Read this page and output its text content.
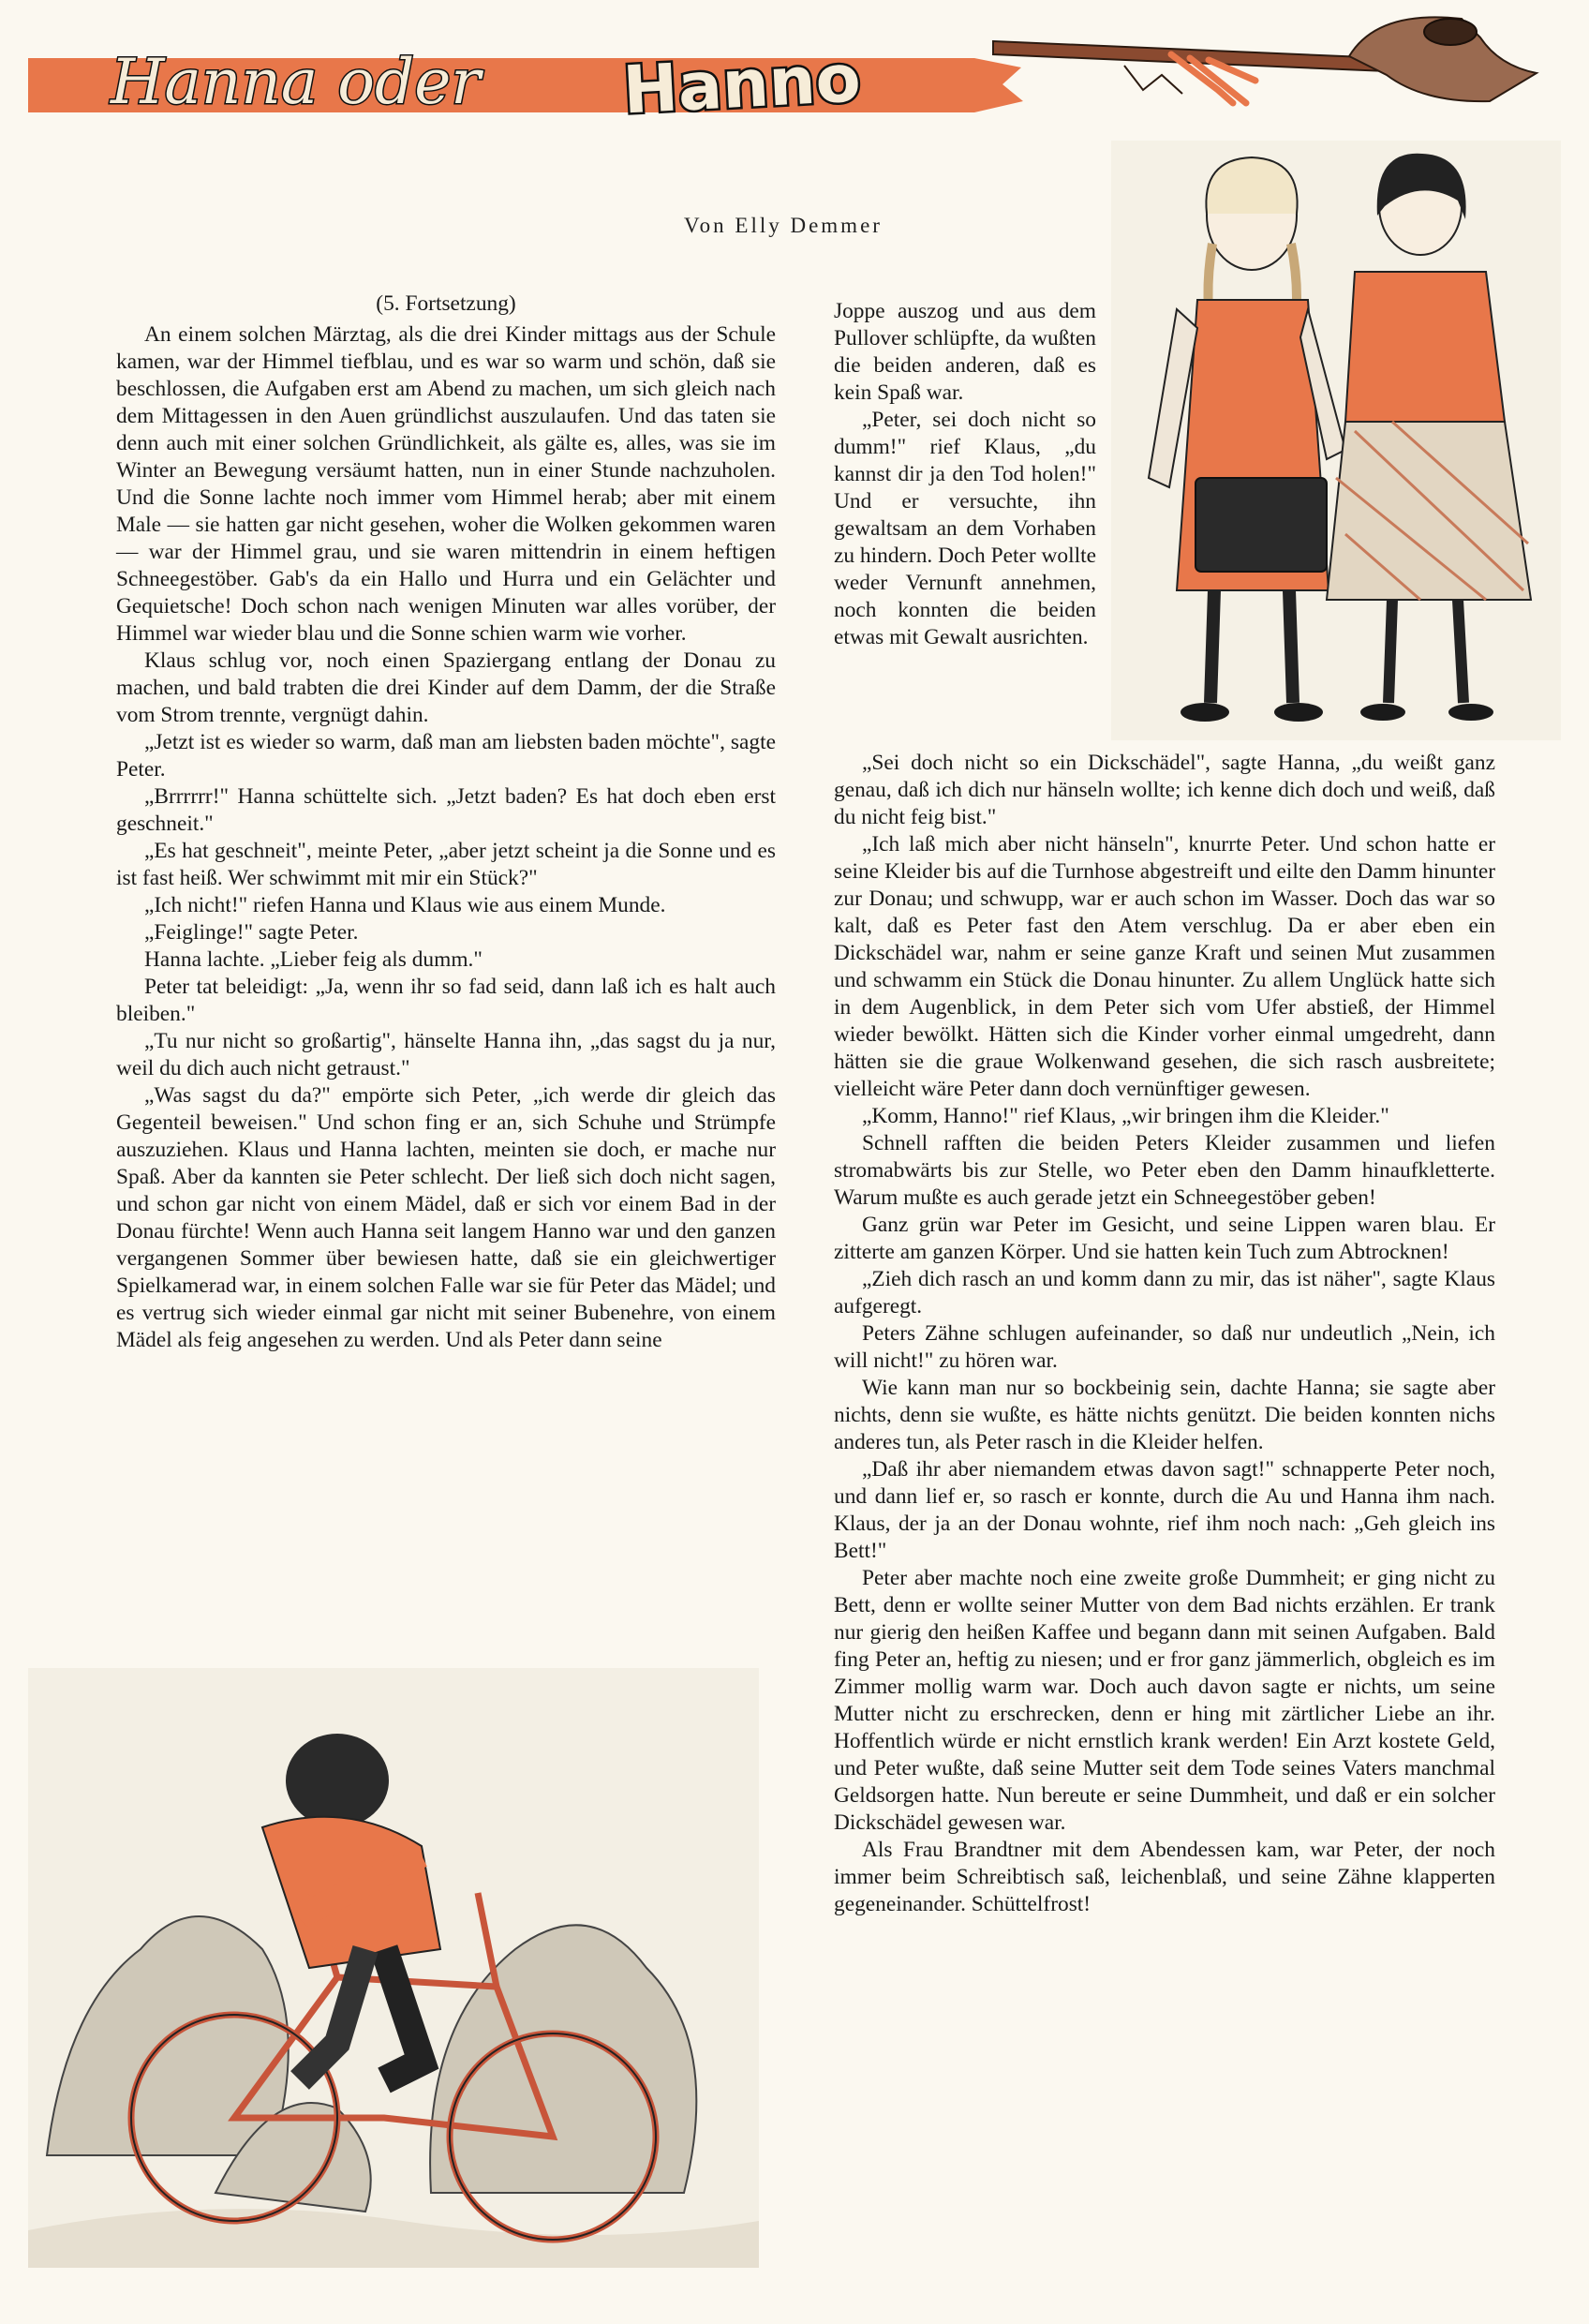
Hanna oder Hanno
Von Elly Demmer

(5. Fortsetzung)

An einem solchen Märztag, als die drei Kinder mittags aus der Schule kamen, war der Himmel tiefblau, und es war so warm und schön, daß sie beschlossen, die Aufgaben erst am Abend zu machen, um sich gleich nach dem Mittagessen in den Auen gründlichst auszulaufen. Und das taten sie denn auch mit einer solchen Gründlichkeit, als gälte es, alles, was sie im Winter an Bewegung versäumt hatten, nun in einer Stunde nachzuholen. Und die Sonne lachte noch immer vom Himmel herab; aber mit einem Male — sie hatten gar nicht gesehen, woher die Wolken gekommen waren — war der Himmel grau, und sie waren mittendrin in einem heftigen Schneegestöber. Gab's da ein Hallo und Hurra und ein Gelächter und Gequietsche! Doch schon nach wenigen Minuten war alles vorüber, der Himmel war wieder blau und die Sonne schien warm wie vorher.

Klaus schlug vor, noch einen Spaziergang entlang der Donau zu machen, und bald trabten die drei Kinder auf dem Damm, der die Straße vom Strom trennte, vergnügt dahin.

„Jetzt ist es wieder so warm, daß man am liebsten baden möchte", sagte Peter.

„Brrrrrr!" Hanna schüttelte sich. „Jetzt baden? Es hat doch eben erst geschneit."

„Es hat geschneit", meinte Peter, „aber jetzt scheint ja die Sonne und es ist fast heiß. Wer schwimmt mit mir ein Stück?"

„Ich nicht!" riefen Hanna und Klaus wie aus einem Munde.

„Feiglinge!" sagte Peter.

Hanna lachte. „Lieber feig als dumm."

Peter tat beleidigt: „Ja, wenn ihr so fad seid, dann laß ich es halt auch bleiben."

„Tu nur nicht so großartig", hänselte Hanna ihn, „das sagst du ja nur, weil du dich auch nicht getraust."

„Was sagst du da?" empörte sich Peter, „ich werde dir gleich das Gegenteil beweisen." Und schon fing er an, sich Schuhe und Strümpfe auszuziehen. Klaus und Hanna lachten, meinten sie doch, er mache nur Spaß. Aber da kannten sie Peter schlecht. Der ließ sich doch nicht sagen, und schon gar nicht von einem Mädel, daß er sich vor einem Bad in der Donau fürchte! Wenn auch Hanna seit langem Hanno war und den ganzen vergangenen Sommer über bewiesen hatte, daß sie ein gleichwertiger Spielkamerad war, in einem solchen Falle war sie für Peter das Mädel; und es vertrug sich wieder einmal gar nicht mit seiner Bubenehre, von einem Mädel als feig angesehen zu werden. Und als Peter dann seine

Joppe auszog und aus dem Pullover schlüpfte, da wußten die beiden anderen, daß es kein Spaß war.

„Peter, sei doch nicht so dumm!" rief Klaus, „du kannst dir ja den Tod holen!" Und er versuchte, ihn gewaltsam an dem Vorhaben zu hindern. Doch Peter wollte weder Vernunft annehmen, noch konnten die beiden etwas mit Gewalt ausrichten.

„Sei doch nicht so ein Dickschädel", sagte Hanna, „du weißt ganz genau, daß ich dich nur hänseln wollte; ich kenne dich doch und weiß, daß du nicht feig bist."

„Ich laß mich aber nicht hänseln", knurrte Peter. Und schon hatte er seine Kleider bis auf die Turnhose abgestreift und eilte den Damm hinunter zur Donau; und schwupp, war er auch schon im Wasser. Doch das war so kalt, daß es Peter fast den Atem verschlug. Da er aber eben ein Dickschädel war, nahm er seine ganze Kraft und seinen Mut zusammen und schwamm ein Stück die Donau hinunter. Zu allem Unglück hatte sich in dem Augenblick, in dem Peter sich vom Ufer abstieß, der Himmel wieder bewölkt. Hätten sich die Kinder vorher einmal umgedreht, dann hätten sie die graue Wolkenwand gesehen, die sich rasch ausbreitete; vielleicht wäre Peter dann doch vernünftiger gewesen.

„Komm, Hanno!" rief Klaus, „wir bringen ihm die Kleider."

Schnell rafften die beiden Peters Kleider zusammen und liefen stromabwärts bis zur Stelle, wo Peter eben den Damm hinaufkletterte. Warum mußte es auch gerade jetzt ein Schneegestöber geben!

Ganz grün war Peter im Gesicht, und seine Lippen waren blau. Er zitterte am ganzen Körper. Und sie hatten kein Tuch zum Abtrocknen!

„Zieh dich rasch an und komm dann zu mir, das ist näher", sagte Klaus aufgeregt.

Peters Zähne schlugen aufeinander, so daß nur undeutlich „Nein, ich will nicht!" zu hören war.

Wie kann man nur so bockbeinig sein, dachte Hanna; sie sagte aber nichts, denn sie wußte, es hätte nichts genützt. Die beiden konnten nichs anderes tun, als Peter rasch in die Kleider helfen.

„Daß ihr aber niemandem etwas davon sagt!" schnapperte Peter noch, und dann lief er, so rasch er konnte, durch die Au und Hanna ihm nach. Klaus, der ja an der Donau wohnte, rief ihm noch nach: „Geh gleich ins Bett!"

Peter aber machte noch eine zweite große Dummheit; er ging nicht zu Bett, denn er wollte seiner Mutter von dem Bad nichts erzählen. Er trank nur gierig den heißen Kaffee und begann dann mit seinen Aufgaben. Bald fing Peter an, heftig zu niesen; und er fror ganz jämmerlich, obgleich es im Zimmer mollig warm war. Doch auch davon sagte er nichts, um seine Mutter nicht zu erschrecken, denn er hing mit zärtlicher Liebe an ihr. Hoffentlich würde er nicht ernstlich krank werden! Ein Arzt kostete Geld, und Peter wußte, daß seine Mutter seit dem Tode seines Vaters manchmal Geldsorgen hatte. Nun bereute er seine Dummheit, und daß er ein solcher Dickschädel gewesen war.

Als Frau Brandtner mit dem Abendessen kam, war Peter, der noch immer beim Schreibtisch saß, leichenblaß, und seine Zähne klapperten gegeneinander. Schüttelfrost!
